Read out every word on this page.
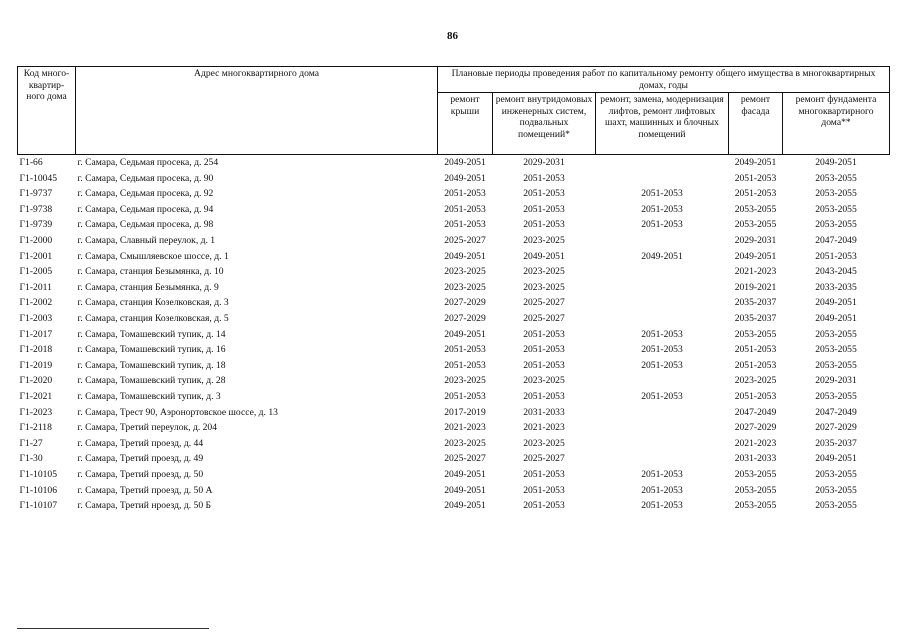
86
Код много-квартир-ного дома	Адрес многоквартирного дома	Плановые периоды проведения работ по капитальному ремонту общего имущества в многоквартирных домах, годы				
		ремонт крыши	ремонт внутридомовых инженерных систем, подвальных помещений*	ремонт, замена, модернизация лифтов, ремонт лифтовых шахт, машинных и блочных помещений	ремонт фасада	ремонт фундамента многоквартирного дома**
Г1-66	г. Самара, Седьмая просека, д. 254	2049-2051	2029-2031		2049-2051	2049-2051
Г1-10045	г. Самара, Седьмая просека, д. 90	2049-2051	2051-2053		2051-2053	2053-2055
Г1-9737	г. Самара, Седьмая просека, д. 92	2051-2053	2051-2053	2051-2053	2051-2053	2053-2055
Г1-9738	г. Самара, Седьмая просека, д. 94	2051-2053	2051-2053	2051-2053	2053-2055	2053-2055
Г1-9739	г. Самара, Седьмая просека, д. 98	2051-2053	2051-2053	2051-2053	2053-2055	2053-2055
Г1-2000	г. Самара, Славный переулок, д. 1	2025-2027	2023-2025		2029-2031	2047-2049
Г1-2001	г. Самара, Смышляевское шоссе, д. 1	2049-2051	2049-2051	2049-2051	2049-2051	2051-2053
Г1-2005	г. Самара, станция Безымянка, д. 10	2023-2025	2023-2025		2021-2023	2043-2045
Г1-2011	г. Самара, станция Безымянка, д. 9	2023-2025	2023-2025		2019-2021	2033-2035
Г1-2002	г. Самара, станция Козелковская, д. 3	2027-2029	2025-2027		2035-2037	2049-2051
Г1-2003	г. Самара, станция Козелковская, д. 5	2027-2029	2025-2027		2035-2037	2049-2051
Г1-2017	г. Самара, Томашевский тупик, д. 14	2049-2051	2051-2053	2051-2053	2053-2055	2053-2055
Г1-2018	г. Самара, Томашевский тупик, д. 16	2051-2053	2051-2053	2051-2053	2051-2053	2053-2055
Г1-2019	г. Самара, Томашевский тупик, д. 18	2051-2053	2051-2053	2051-2053	2051-2053	2053-2055
Г1-2020	г. Самара, Томашевский тупик, д. 28	2023-2025	2023-2025		2023-2025	2029-2031
Г1-2021	г. Самара, Томашевский тупик, д. 3	2051-2053	2051-2053	2051-2053	2051-2053	2053-2055
Г1-2023	г. Самара, Трест 90, Аэронортовское шоссе, д. 13	2017-2019	2031-2033		2047-2049	2047-2049
Г1-2118	г. Самара, Третий переулок, д. 204	2021-2023	2021-2023		2027-2029	2027-2029
Г1-27	г. Самара, Третий проезд, д. 44	2023-2025	2023-2025		2021-2023	2035-2037
Г1-30	г. Самара, Третий проезд, д. 49	2025-2027	2025-2027		2031-2033	2049-2051
Г1-10105	г. Самара, Третий проезд, д. 50	2049-2051	2051-2053	2051-2053	2053-2055	2053-2055
Г1-10106	г. Самара, Третий проезд, д. 50 А	2049-2051	2051-2053	2051-2053	2053-2055	2053-2055
Г1-10107	г. Самара, Третий нроезд, д. 50 Б	2049-2051	2051-2053	2051-2053	2053-2055	2053-2055
